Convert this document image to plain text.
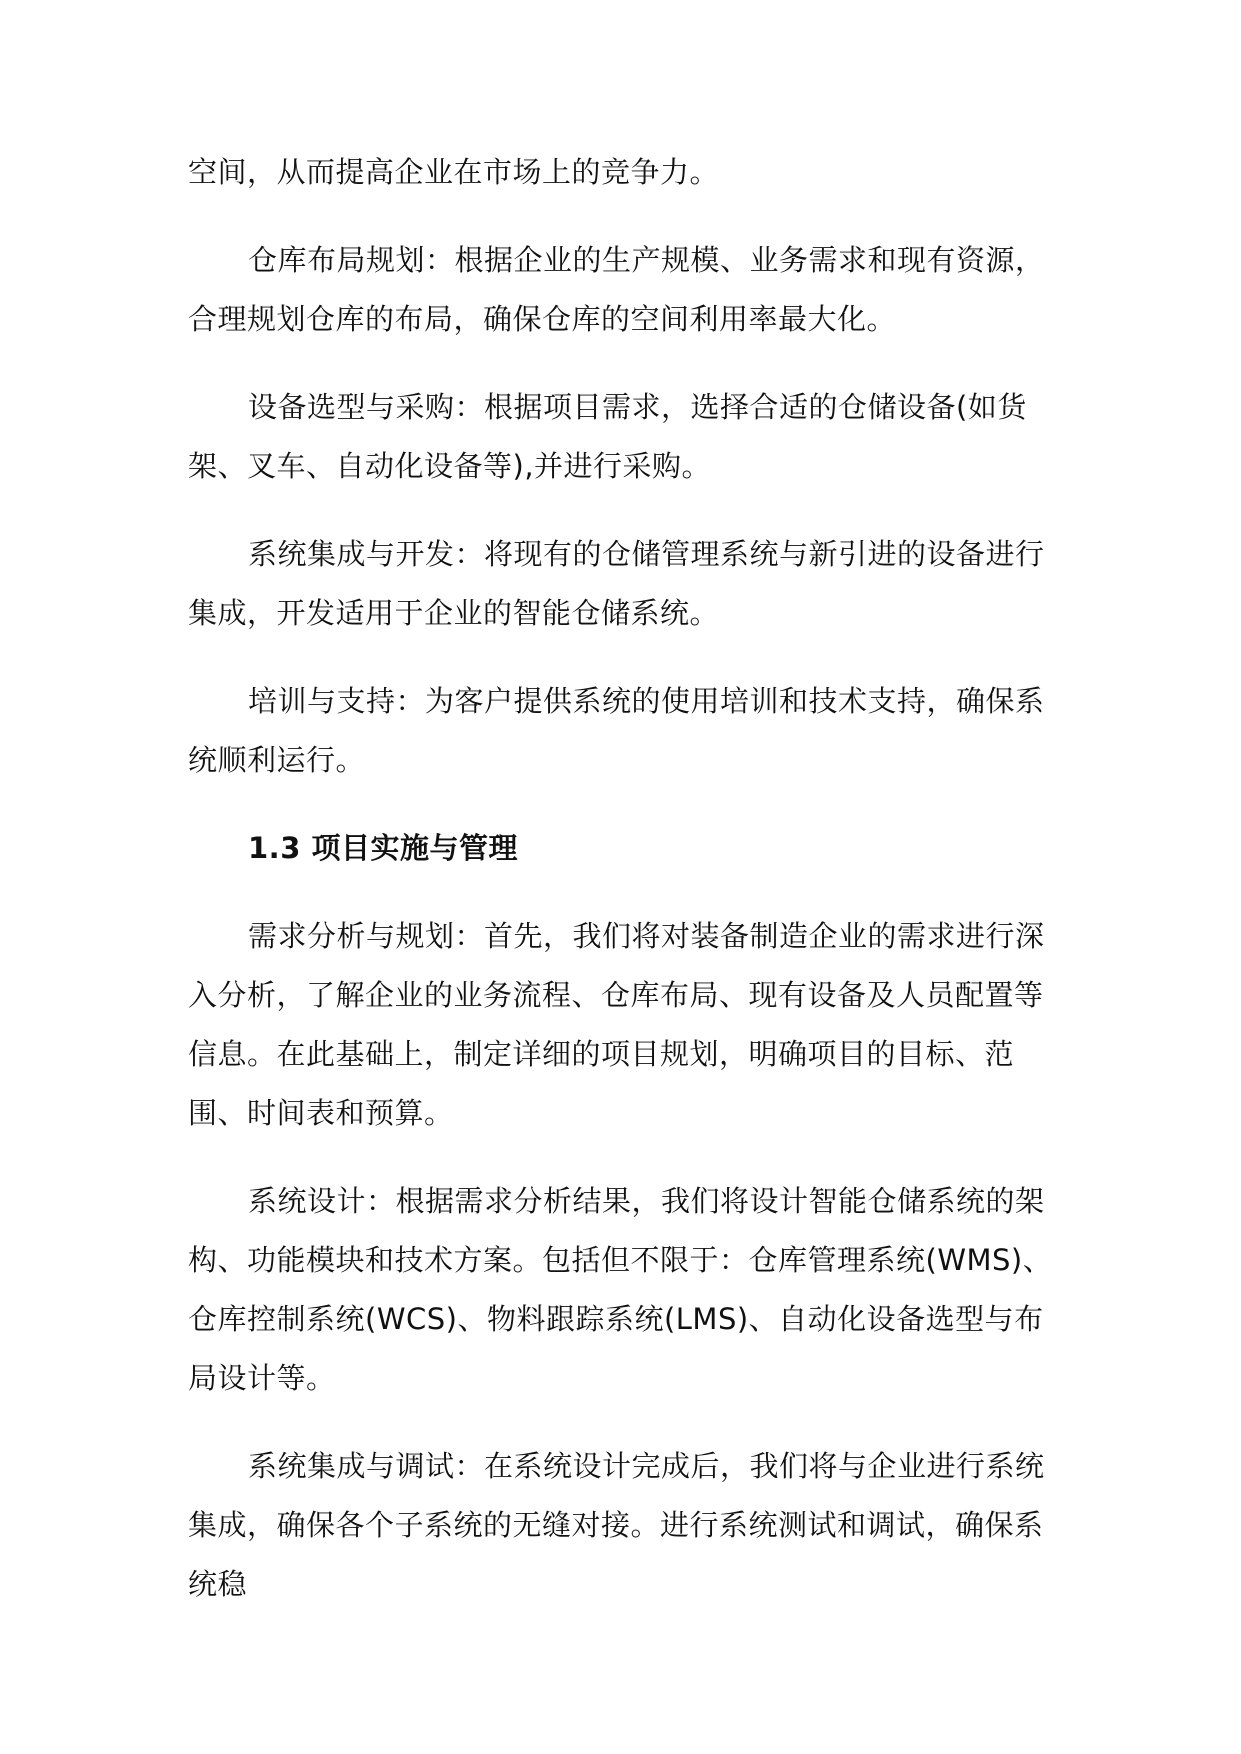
空间，从而提高企业在市场上的竞争力。

仓库布局规划：根据企业的生产规模、业务需求和现有资源，合理规划仓库的布局，确保仓库的空间利用率最大化。

设备选型与采购：根据项目需求，选择合适的仓储设备(如货架、叉车、自动化设备等),并进行采购。

系统集成与开发：将现有的仓储管理系统与新引进的设备进行集成，开发适用于企业的智能仓储系统。

培训与支持：为客户提供系统的使用培训和技术支持，确保系统顺利运行。

1.3 项目实施与管理

需求分析与规划：首先，我们将对装备制造企业的需求进行深入分析，了解企业的业务流程、仓库布局、现有设备及人员配置等信息。在此基础上，制定详细的项目规划，明确项目的目标、范围、时间表和预算。

系统设计：根据需求分析结果，我们将设计智能仓储系统的架构、功能模块和技术方案。包括但不限于：仓库管理系统(WMS)、仓库控制系统(WCS)、物料跟踪系统(LMS)、自动化设备选型与布局设计等。

系统集成与调试：在系统设计完成后，我们将与企业进行系统集成，确保各个子系统的无缝对接。进行系统测试和调试，确保系统稳
